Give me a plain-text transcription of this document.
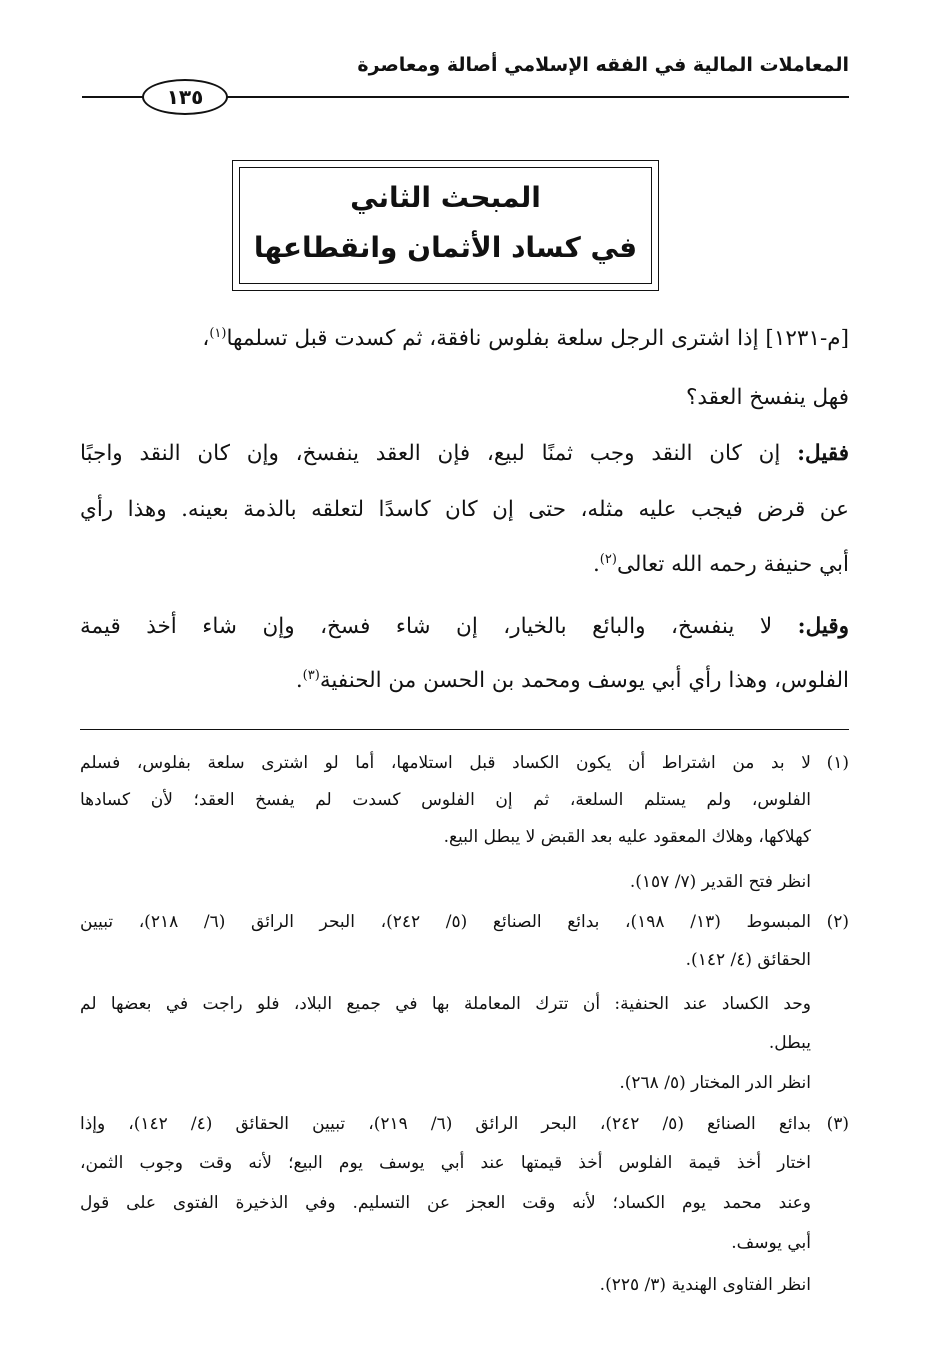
المعاملات المالية في الفقه الإسلامي أصالة ومعاصرة
١٣٥
المبحث الثاني
في كساد الأثمان وانقطاعها
[م-١٢٣١] إذا اشترى الرجل سلعة بفلوس نافقة، ثم كسدت قبل تسلمها$^{(١)}$،
فهل ينفسخ العقد؟
فقيل: إن كان النقد وجب ثمنًا لبيع، فإن العقد ينفسخ، وإن كان النقد واجبًا
عن قرض فيجب عليه مثله، حتى إن كان كاسدًا لتعلقه بالذمة بعينه. وهذا رأي
أبي حنيفة رحمه الله تعالى$^{(٢)}$.
وقيل: لا ينفسخ، والبائع بالخيار، إن شاء فسخ، وإن شاء أخذ قيمة
الفلوس، وهذا رأي أبي يوسف ومحمد بن الحسن من الحنفية$^{(٣)}$.
(١)
لا بد من اشتراط أن يكون الكساد قبل استلامها، أما لو اشترى سلعة بفلوس، فسلم
الفلوس، ولم يستلم السلعة، ثم إن الفلوس كسدت لم يفسخ العقد؛ لأن كسادها
كهلاكها، وهلاك المعقود عليه بعد القبض لا يبطل البيع.
انظر فتح القدير (٧/ ١٥٧).
(٢)
المبسوط (١٣/ ١٩٨)، بدائع الصنائع (٥/ ٢٤٢)، البحر الرائق (٦/ ٢١٨)، تبيين
الحقائق (٤/ ١٤٢).
وحد الكساد عند الحنفية: أن تترك المعاملة بها في جميع البلاد، فلو راجت في بعضها لم
يبطل.
انظر الدر المختار (٥/ ٢٦٨).
(٣)
بدائع الصنائع (٥/ ٢٤٢)، البحر الرائق (٦/ ٢١٩)، تبيين الحقائق (٤/ ١٤٢)، وإذا
اختار أخذ قيمة الفلوس أخذ قيمتها عند أبي يوسف يوم البيع؛ لأنه وقت وجوب الثمن،
وعند محمد يوم الكساد؛ لأنه وقت العجز عن التسليم. وفي الذخيرة الفتوى على قول
أبي يوسف.
انظر الفتاوى الهندية (٣/ ٢٢٥).
